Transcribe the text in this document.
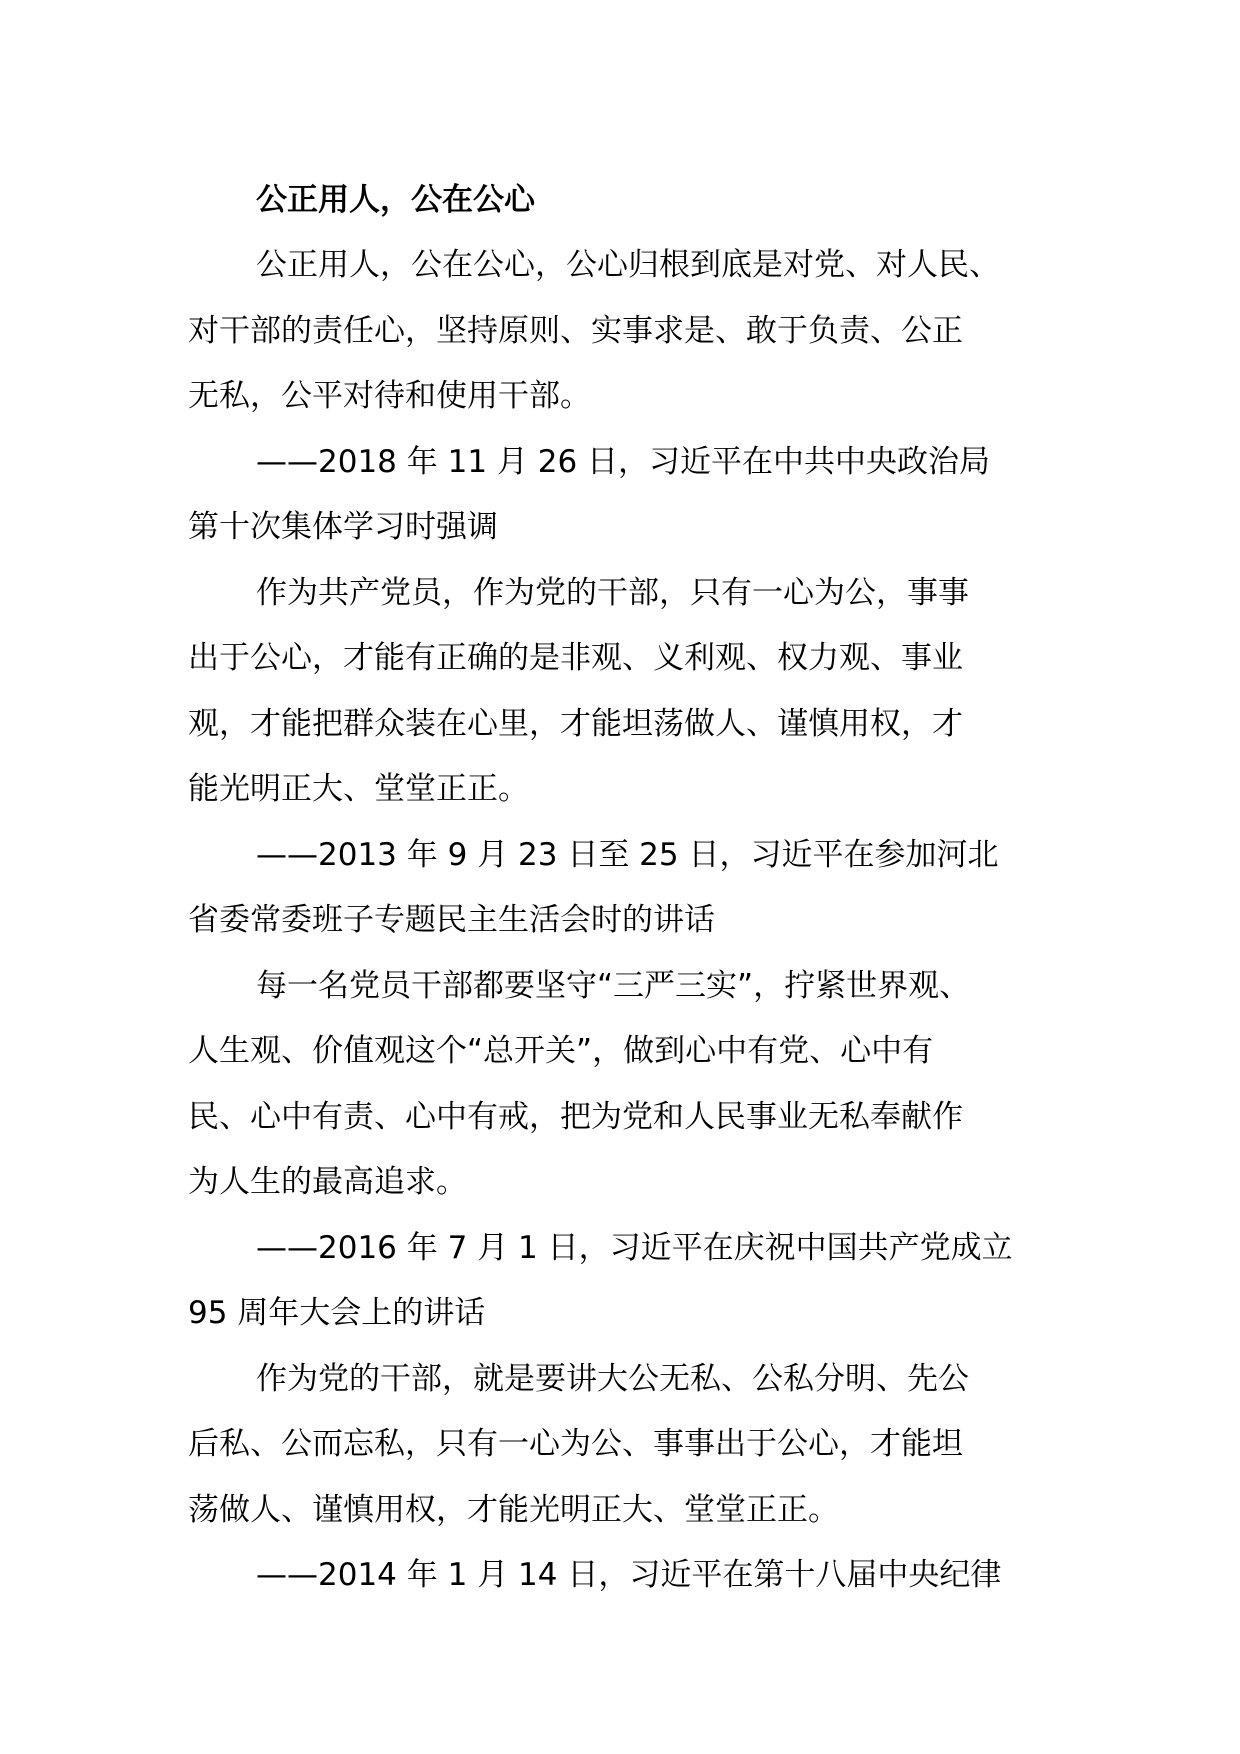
公正用人，公在公心
公正用人，公在公心，公心归根到底是对党、对人民、
对干部的责任心，坚持原则、实事求是、敢于负责、公正
无私，公平对待和使用干部。
——2018 年 11 月 26 日，习近平在中共中央政治局
第十次集体学习时强调
作为共产党员，作为党的干部，只有一心为公，事事
出于公心，才能有正确的是非观、义利观、权力观、事业
观，才能把群众装在心里，才能坦荡做人、谨慎用权，才
能光明正大、堂堂正正。
——2013 年 9 月 23 日至 25 日，习近平在参加河北
省委常委班子专题民主生活会时的讲话
每一名党员干部都要坚守“三严三实”，拧紧世界观、
人生观、价值观这个“总开关”，做到心中有党、心中有
民、心中有责、心中有戒，把为党和人民事业无私奉献作
为人生的最高追求。
——2016 年 7 月 1 日，习近平在庆祝中国共产党成立
95 周年大会上的讲话
作为党的干部，就是要讲大公无私、公私分明、先公
后私、公而忘私，只有一心为公、事事出于公心，才能坦
荡做人、谨慎用权，才能光明正大、堂堂正正。
——2014 年 1 月 14 日，习近平在第十八届中央纪律
